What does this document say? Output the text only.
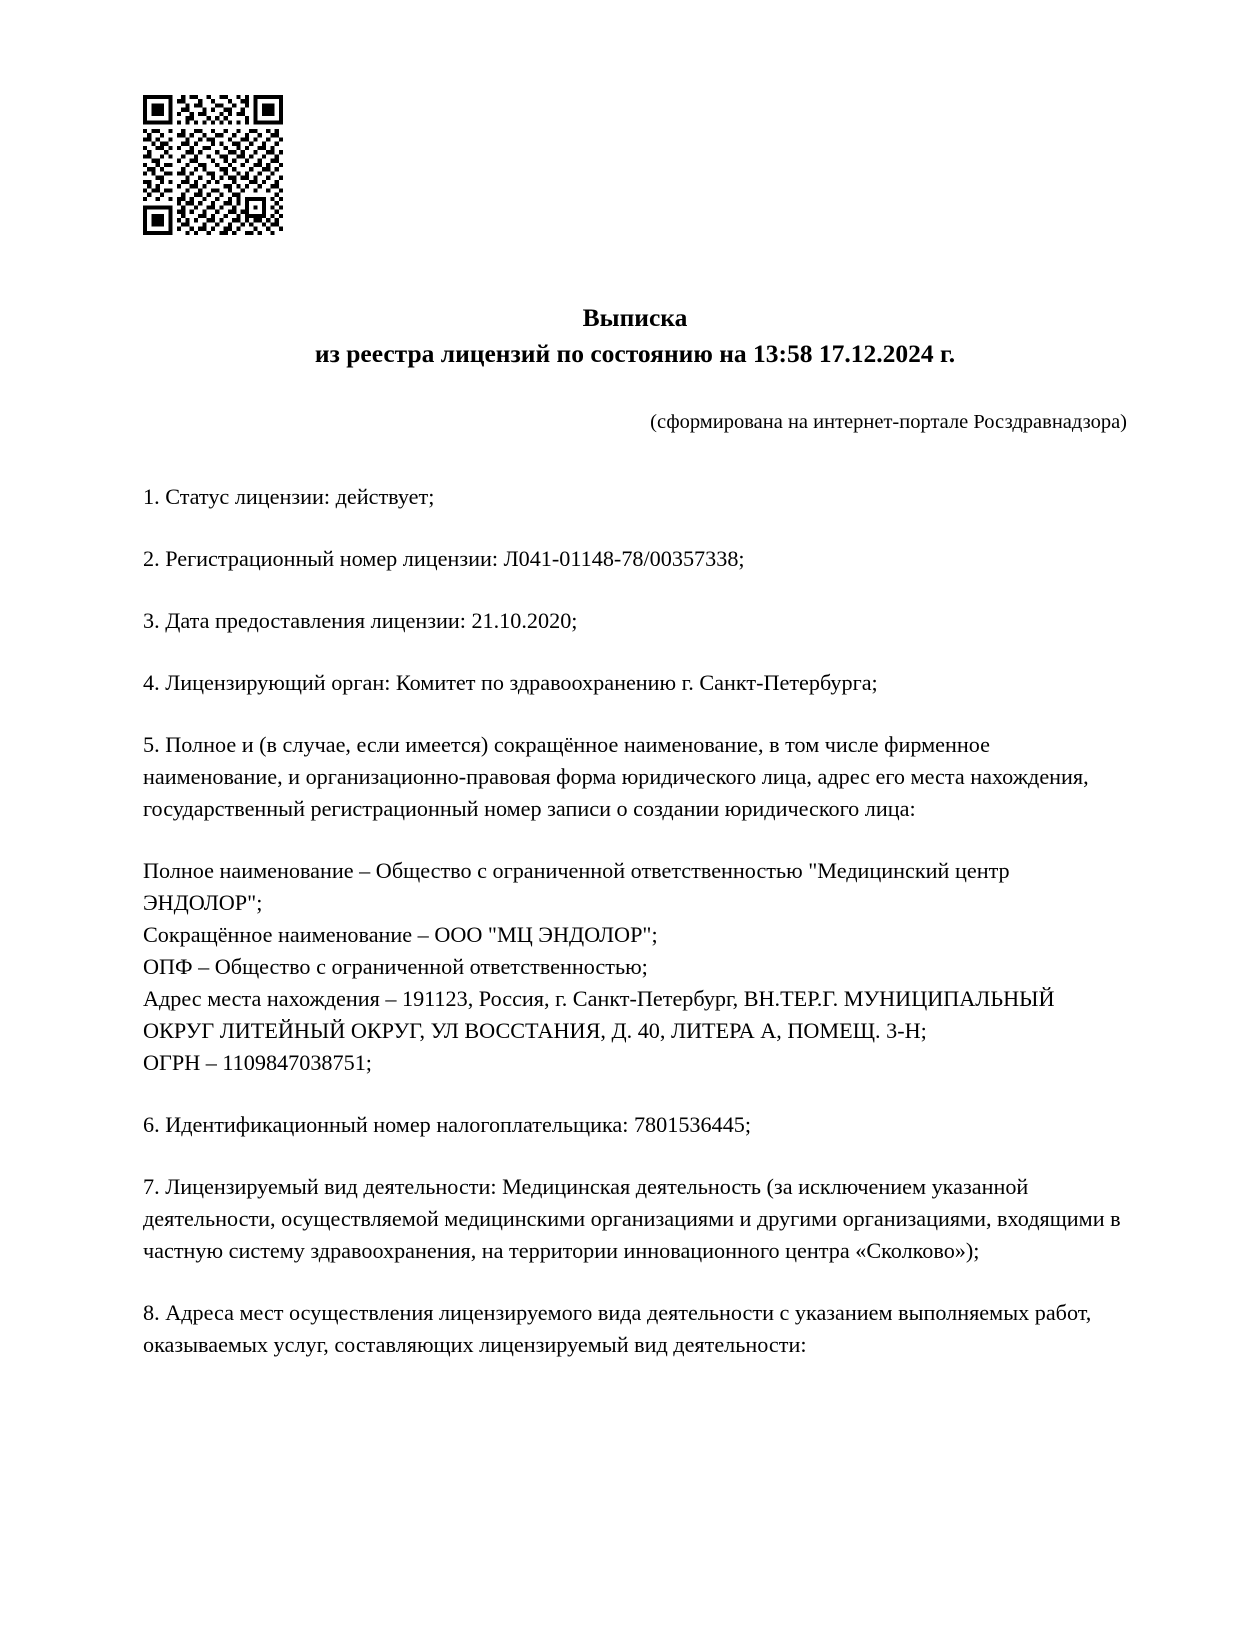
Выписка
из реестра лицензий по состоянию на 13:58 17.12.2024 г.
(сформирована на интернет-портале Росздравнадзора)

1. Статус лицензии: действует;

2. Регистрационный номер лицензии: Л041-01148-78/00357338;

3. Дата предоставления лицензии: 21.10.2020;

4. Лицензирующий орган: Комитет по здравоохранению г. Санкт-Петербурга;

5. Полное и (в случае, если имеется) сокращённое наименование, в том числе фирменное наименование, и организационно-правовая форма юридического лица, адрес его места нахождения, государственный регистрационный номер записи о создании юридического лица:

Полное наименование – Общество с ограниченной ответственностью "Медицинский центр ЭНДОЛОР";
Сокращённое наименование – ООО "МЦ ЭНДОЛОР";
ОПФ – Общество с ограниченной ответственностью;
Адрес места нахождения – 191123, Россия, г. Санкт-Петербург, ВН.ТЕР.Г. МУНИЦИПАЛЬНЫЙ ОКРУГ ЛИТЕЙНЫЙ ОКРУГ, УЛ ВОССТАНИЯ, Д. 40, ЛИТЕРА А, ПОМЕЩ. 3-Н;
ОГРН – 1109847038751;

6. Идентификационный номер налогоплательщика: 7801536445;

7. Лицензируемый вид деятельности: Медицинская деятельность (за исключением указанной деятельности, осуществляемой медицинскими организациями и другими организациями, входящими в частную систему здравоохранения, на территории инновационного центра «Сколково»);

8. Адреса мест осуществления лицензируемого вида деятельности с указанием выполняемых работ, оказываемых услуг, составляющих лицензируемый вид деятельности:
